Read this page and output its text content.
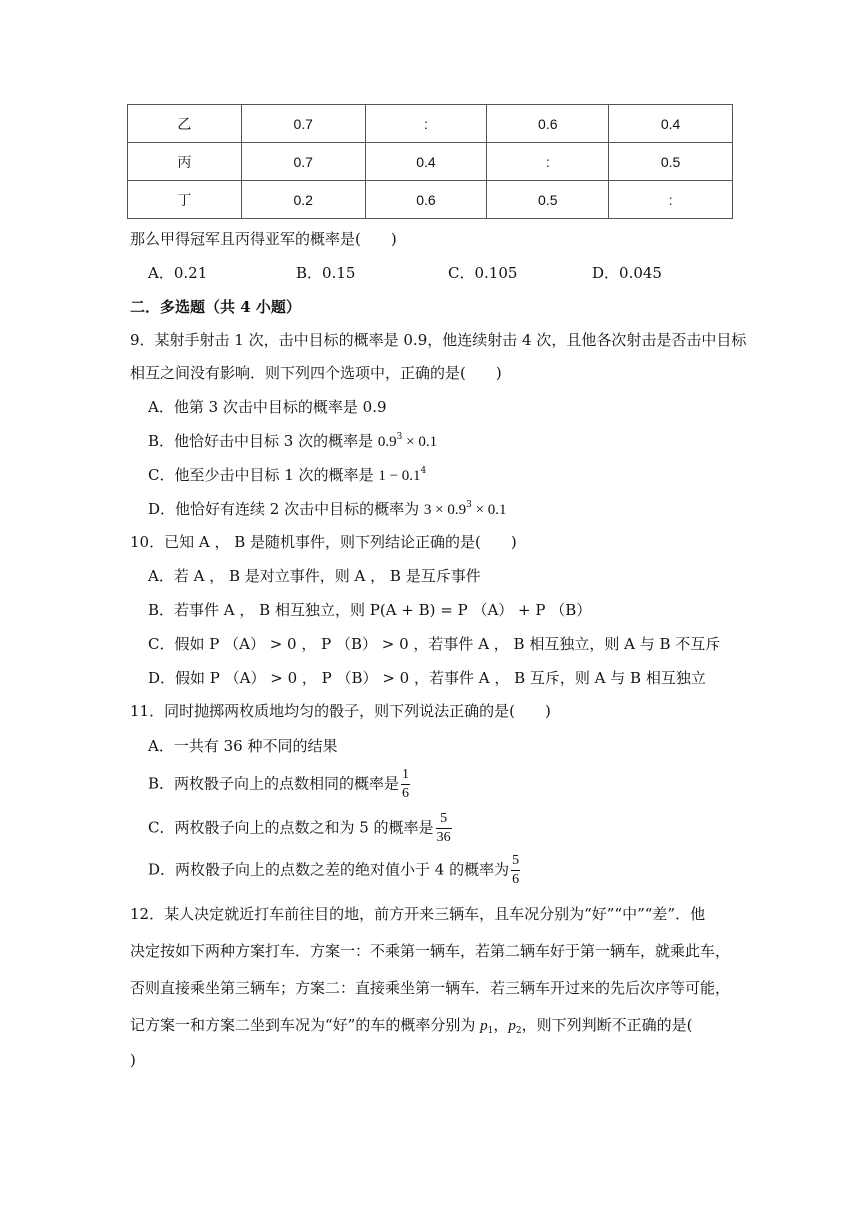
乙	0.7	:	0.6	0.4
丙	0.7	0.4	:	0.5
丁	0.2	0.6	0.5	:
那么甲得冠军且丙得亚军的概率是(　　)
A．0.21	B．0.15	C．0.105	D．0.045
二．多选题（共 4 小题）
9．某射手射击 1 次，击中目标的概率是 0.9，他连续射击 4 次，且他各次射击是否击中目标
相互之间没有影响．则下列四个选项中，正确的是(　　)
A．他第 3 次击中目标的概率是 0.9
B．他恰好击中目标 3 次的概率是 $0.9^3 \times 0.1$
C．他至少击中目标 1 次的概率是 $1 - 0.1^4$
D．他恰好有连续 2 次击中目标的概率为 $3 \times 0.9^3 \times 0.1$
10．已知 A ， B 是随机事件，则下列结论正确的是(　　)
A．若 A ， B 是对立事件，则 A ， B 是互斥事件
B．若事件 A ， B 相互独立，则 P(A + B) = P （A） + P （B）
C．假如 P （A） > 0 ， P （B） > 0 ，若事件 A ， B 相互独立，则 A 与 B 不互斥
D．假如 P （A） > 0 ， P （B） > 0 ，若事件 A ， B 互斥，则 A 与 B 相互独立
11．同时抛掷两枚质地均匀的骰子，则下列说法正确的是(　　)
A．一共有 36 种不同的结果
B．两枚骰子向上的点数相同的概率是 $\frac{1}{6}$
C．两枚骰子向上的点数之和为 5 的概率是 $\frac{5}{36}$
D．两枚骰子向上的点数之差的绝对值小于 4 的概率为 $\frac{5}{6}$
12．某人决定就近打车前往目的地，前方开来三辆车，且车况分别为“好”“中”“差”．他
决定按如下两种方案打车．方案一：不乘第一辆车，若第二辆车好于第一辆车，就乘此车，
否则直接乘坐第三辆车；方案二：直接乘坐第一辆车．若三辆车开过来的先后次序等可能，
记方案一和方案二坐到车况为“好”的车的概率分别为 $p_1$，$p_2$，则下列判断不正确的是(
)
